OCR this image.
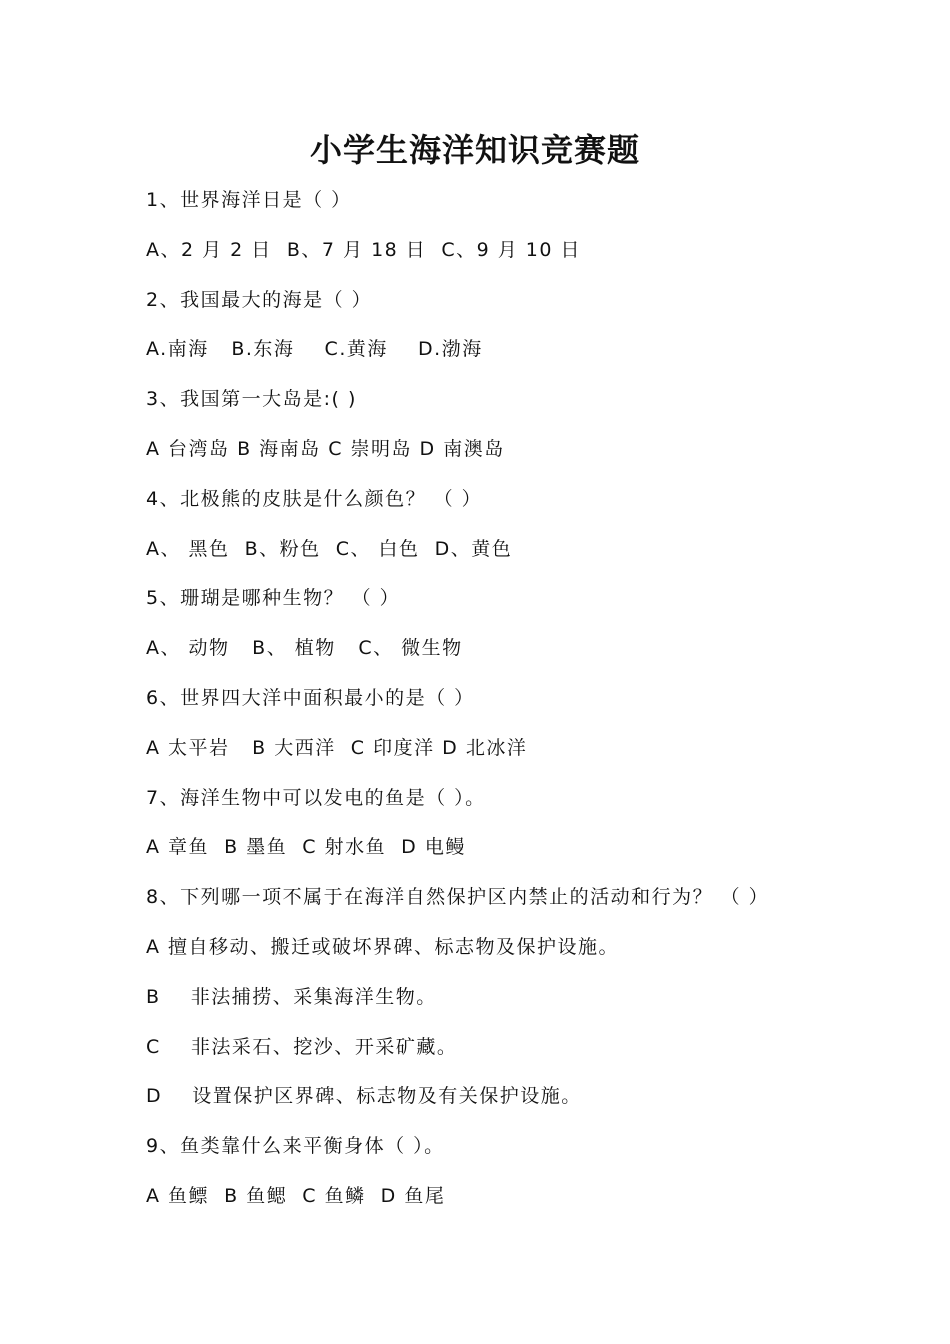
小学生海洋知识竞赛题
1、世界海洋日是（ ）
A、2 月 2 日  B、7 月 18 日  C、9 月 10 日
2、我国最大的海是（ ）
A.南海   B.东海    C.黄海    D.渤海
3、我国第一大岛是:( )
A 台湾岛 B 海南岛 C 崇明岛 D 南澳岛
4、北极熊的皮肤是什么颜色？ （ ）
A、 黑色  B、粉色  C、 白色  D、黄色
5、珊瑚是哪种生物？ （ ）
A、 动物   B、 植物   C、 微生物
6、世界四大洋中面积最小的是（ ）
A 太平岩   B 大西洋  C 印度洋 D 北冰洋
7、海洋生物中可以发电的鱼是（ ）。
A 章鱼  B 墨鱼  C 射水鱼  D 电鳗
8、下列哪一项不属于在海洋自然保护区内禁止的活动和行为？ （ ）
A 擅自移动、搬迁或破坏界碑、标志物及保护设施。
B    非法捕捞、采集海洋生物。
C    非法采石、挖沙、开采矿藏。
D    设置保护区界碑、标志物及有关保护设施。
9、鱼类靠什么来平衡身体（ ）。
A 鱼鳔  B 鱼鳃  C 鱼鳞  D 鱼尾
